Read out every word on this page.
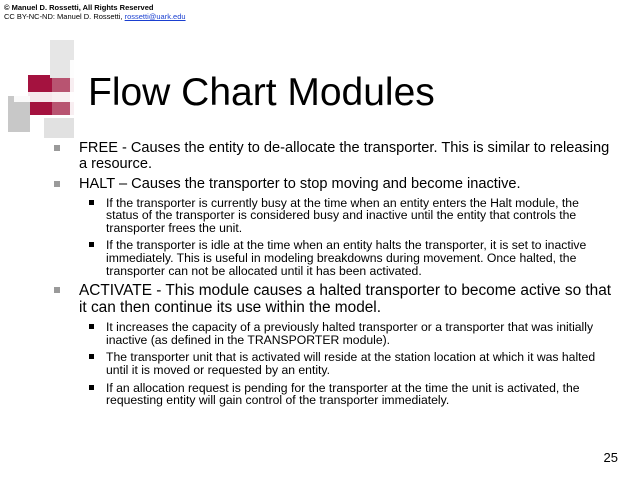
© Manuel D. Rossetti, All Rights Reserved
CC BY-NC-ND: Manuel D. Rossetti, rossetti@uark.edu
Flow Chart Modules
FREE - Causes the entity to de-allocate the transporter. This is similar to releasing a resource.
HALT – Causes the transporter to stop moving and become inactive.
If the transporter is currently busy at the time when an entity enters the Halt module, the status of the transporter is considered busy and inactive until the entity that controls the transporter frees the unit.
If the transporter is idle at the time when an entity halts the transporter, it is set to inactive immediately. This is useful in modeling breakdowns during movement. Once halted, the transporter can not be allocated until it has been activated.
ACTIVATE - This module causes a halted transporter to become active so that it can then continue its use within the model.
It increases the capacity of a previously halted transporter or a transporter that was initially inactive (as defined in the TRANSPORTER module).
The transporter unit that is activated will reside at the station location at which it was halted until it is moved or requested by an entity.
If an allocation request is pending for the transporter at the time the unit is activated, the requesting entity will gain control of the transporter immediately.
25
